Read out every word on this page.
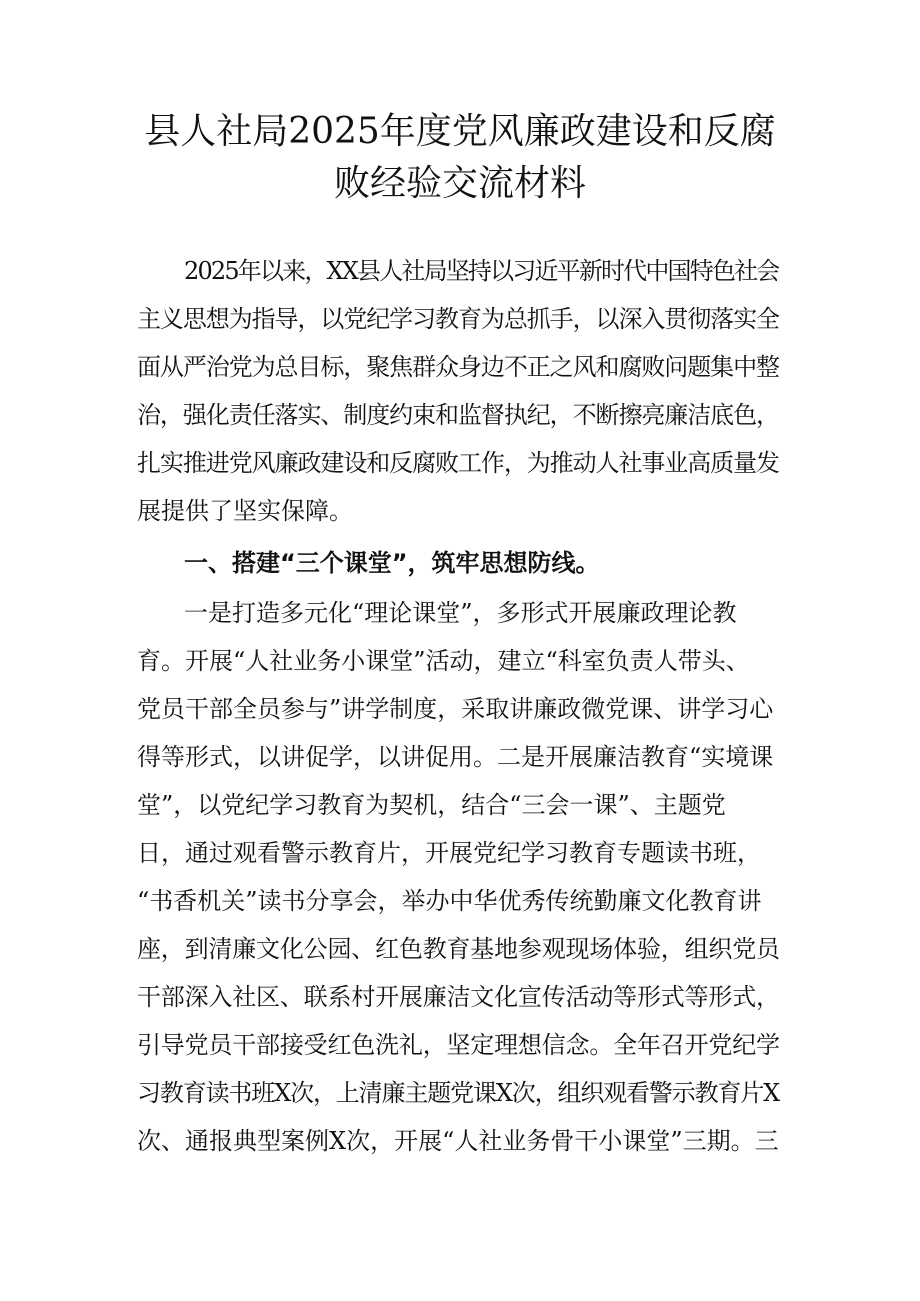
县人社局2025年度党风廉政建设和反腐
败经验交流材料

2025年以来，XX县人社局坚持以习近平新时代中国特色社会

主义思想为指导，以党纪学习教育为总抓手，以深入贯彻落实全

面从严治党为总目标，聚焦群众身边不正之风和腐败问题集中整

治，强化责任落实、制度约束和监督执纪，不断擦亮廉洁底色，

扎实推进党风廉政建设和反腐败工作，为推动人社事业高质量发

展提供了坚实保障。

一、搭建“三个课堂”，筑牢思想防线。

一是打造多元化“理论课堂”，多形式开展廉政理论教

育。开展“人社业务小课堂”活动，建立“科室负责人带头、

党员干部全员参与”讲学制度，采取讲廉政微党课、讲学习心

得等形式，以讲促学，以讲促用。二是开展廉洁教育“实境课

堂”，以党纪学习教育为契机，结合“三会一课”、主题党

日，通过观看警示教育片，开展党纪学习教育专题读书班，

“书香机关”读书分享会，举办中华优秀传统勤廉文化教育讲

座，到清廉文化公园、红色教育基地参观现场体验，组织党员

干部深入社区、联系村开展廉洁文化宣传活动等形式等形式，

引导党员干部接受红色洗礼，坚定理想信念。全年召开党纪学

习教育读书班X次，上清廉主题党课X次，组织观看警示教育片X

次、通报典型案例X次，开展“人社业务骨干小课堂”三期。三
